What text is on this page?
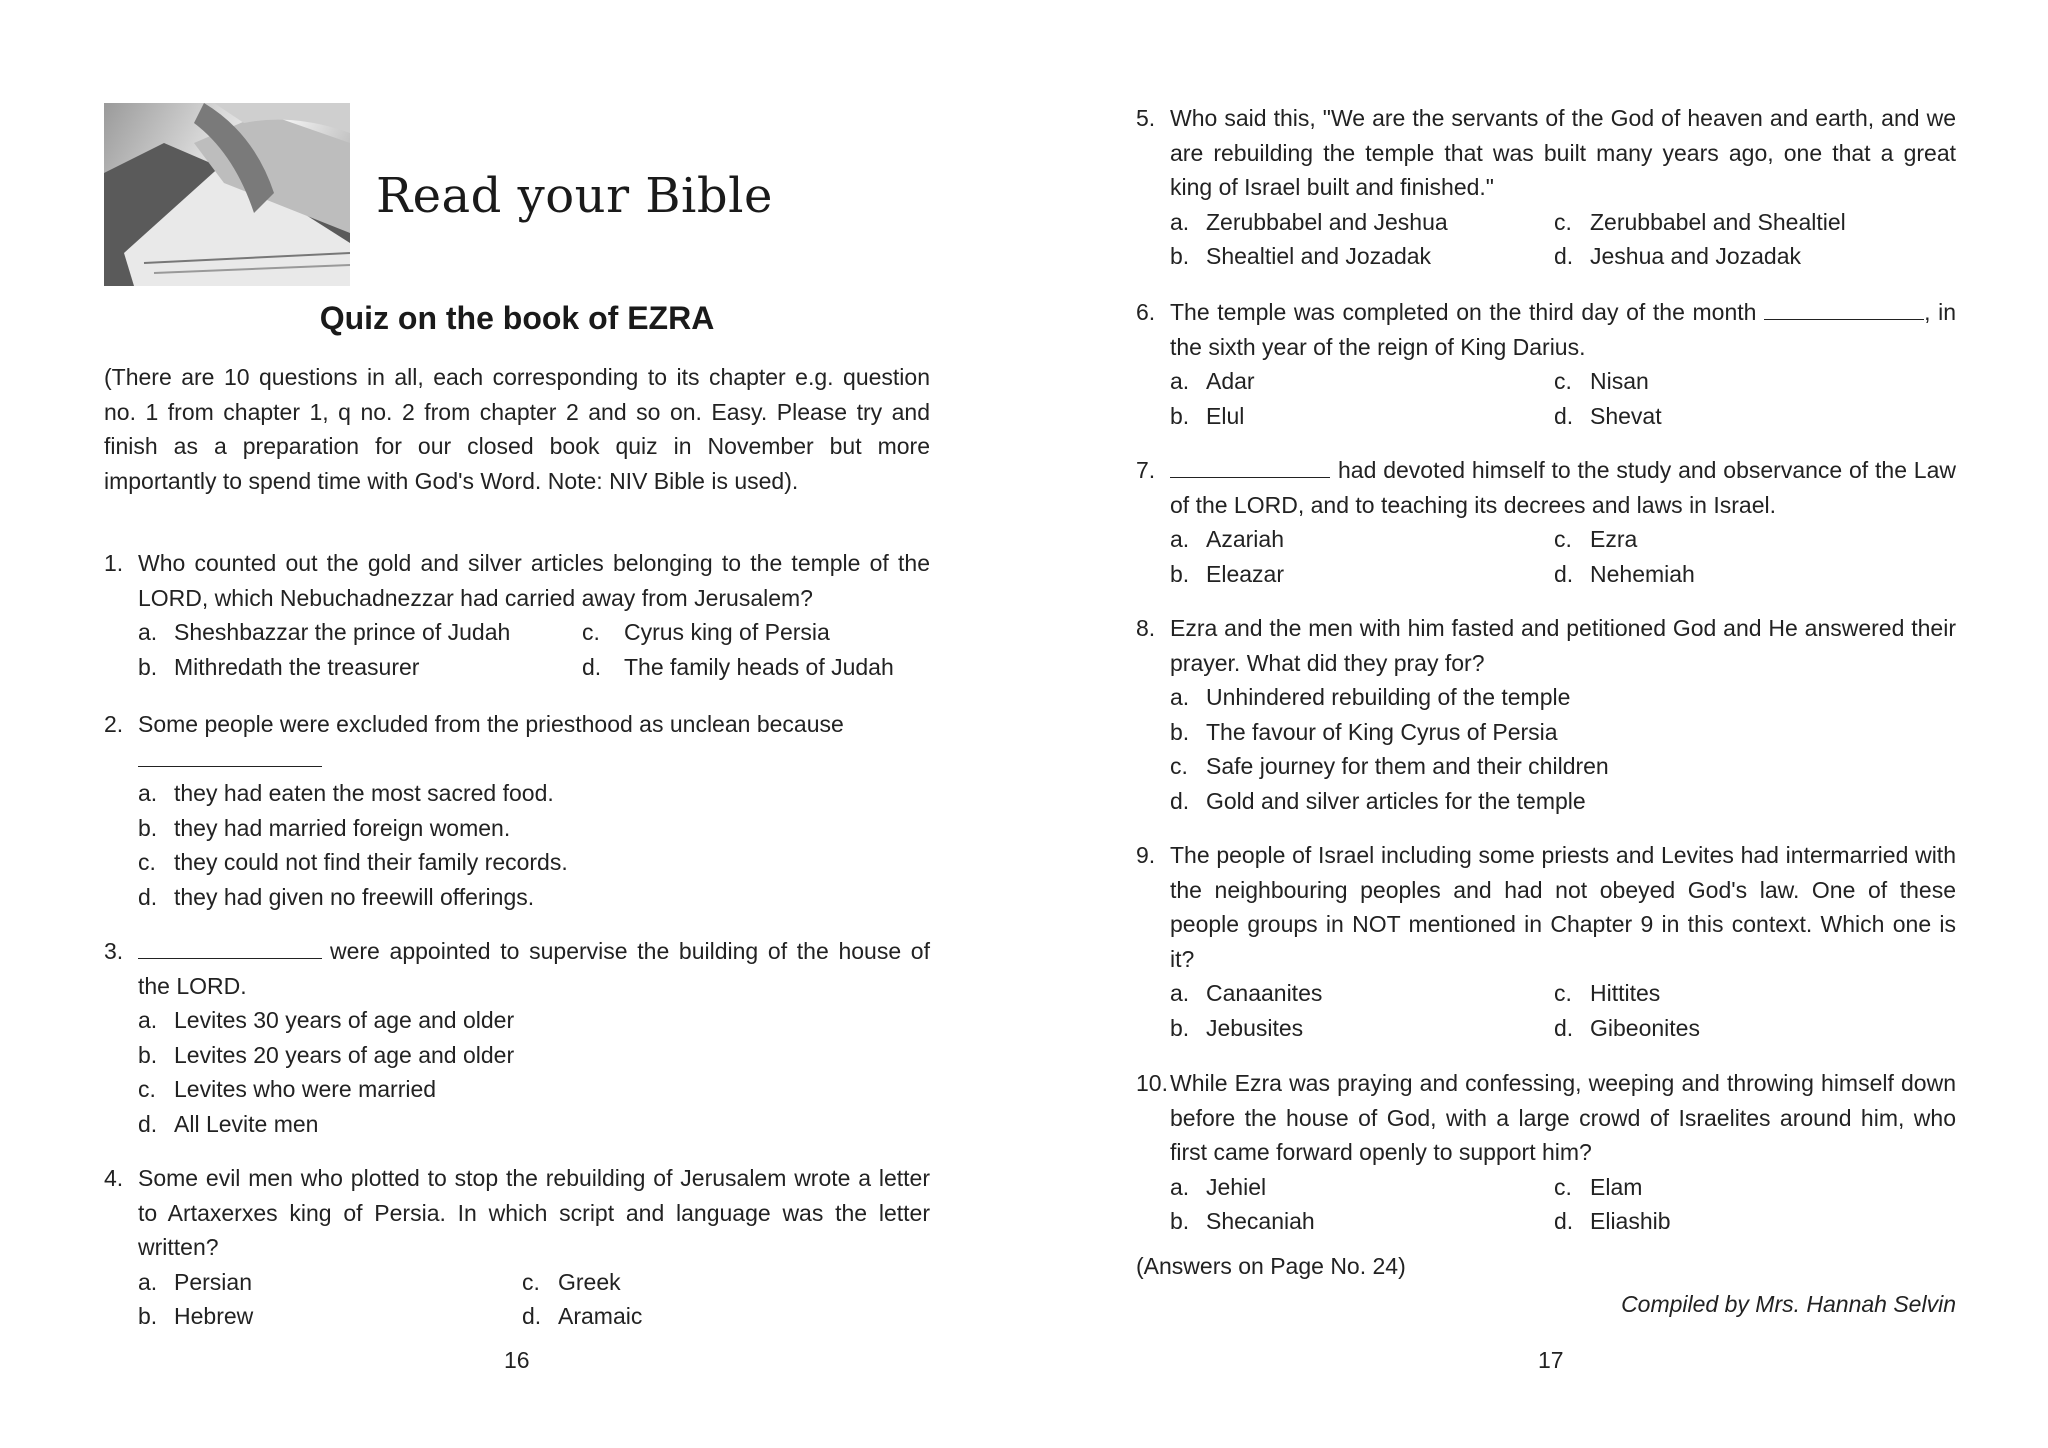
Read your Bible
Quiz on the book of EZRA
(There are 10 questions in all, each corresponding to its chapter e.g. question no. 1 from chapter 1, q no. 2 from chapter 2 and so on. Easy. Please try and finish as a preparation for our closed book quiz in November but more importantly to spend time with God's Word. Note: NIV Bible is used).
1. Who counted out the gold and silver articles belonging to the temple of the LORD, which Nebuchadnezzar had carried away from Jerusalem?
a. Sheshbazzar the prince of Judah
b. Mithredath the treasurer
c. Cyrus king of Persia
d. The family heads of Judah
2. Some people were excluded from the priesthood as unclean because
a. they had eaten the most sacred food.
b. they had married foreign women.
c. they could not find their family records.
d. they had given no freewill offerings.
3.	were appointed to supervise the building of the house of the LORD.
a. Levites 30 years of age and older
b. Levites 20 years of age and older
c. Levites who were married
d. All Levite men
4. Some evil men who plotted to stop the rebuilding of Jerusalem wrote a letter to Artaxerxes king of Persia. In which script and language was the letter written?
a. Persian
b. Hebrew
c. Greek
d. Aramaic
16
5. Who said this, "We are the servants of the God of heaven and earth, and we are rebuilding the temple that was built many years ago, one that a great king of Israel built and finished."
a. Zerubbabel and Jeshua
b. Shealtiel and Jozadak
c. Zerubbabel and Shealtiel
d. Jeshua and Jozadak
6. The temple was completed on the third day of the month	, in the sixth year of the reign of King Darius.
a. Adar
b. Elul
c. Nisan
d. Shevat
7.	had devoted himself to the study and observance of the Law of the LORD, and to teaching its decrees and laws in Israel.
a. Azariah
b. Eleazar
c. Ezra
d. Nehemiah
8. Ezra and the men with him fasted and petitioned God and He answered their prayer. What did they pray for?
a. Unhindered rebuilding of the temple
b. The favour of King Cyrus of Persia
c. Safe journey for them and their children
d. Gold and silver articles for the temple
9. The people of Israel including some priests and Levites had intermarried with the neighbouring peoples and had not obeyed God's law. One of these people groups in NOT mentioned in Chapter 9 in this context. Which one is it?
a. Canaanites
b. Jebusites
c. Hittites
d. Gibeonites
10. While Ezra was praying and confessing, weeping and throwing himself down before the house of God, with a large crowd of Israelites around him, who first came forward openly to support him?
a. Jehiel
b. Shecaniah
c. Elam
d. Eliashib
(Answers on Page No. 24)
Compiled by Mrs. Hannah Selvin
17
